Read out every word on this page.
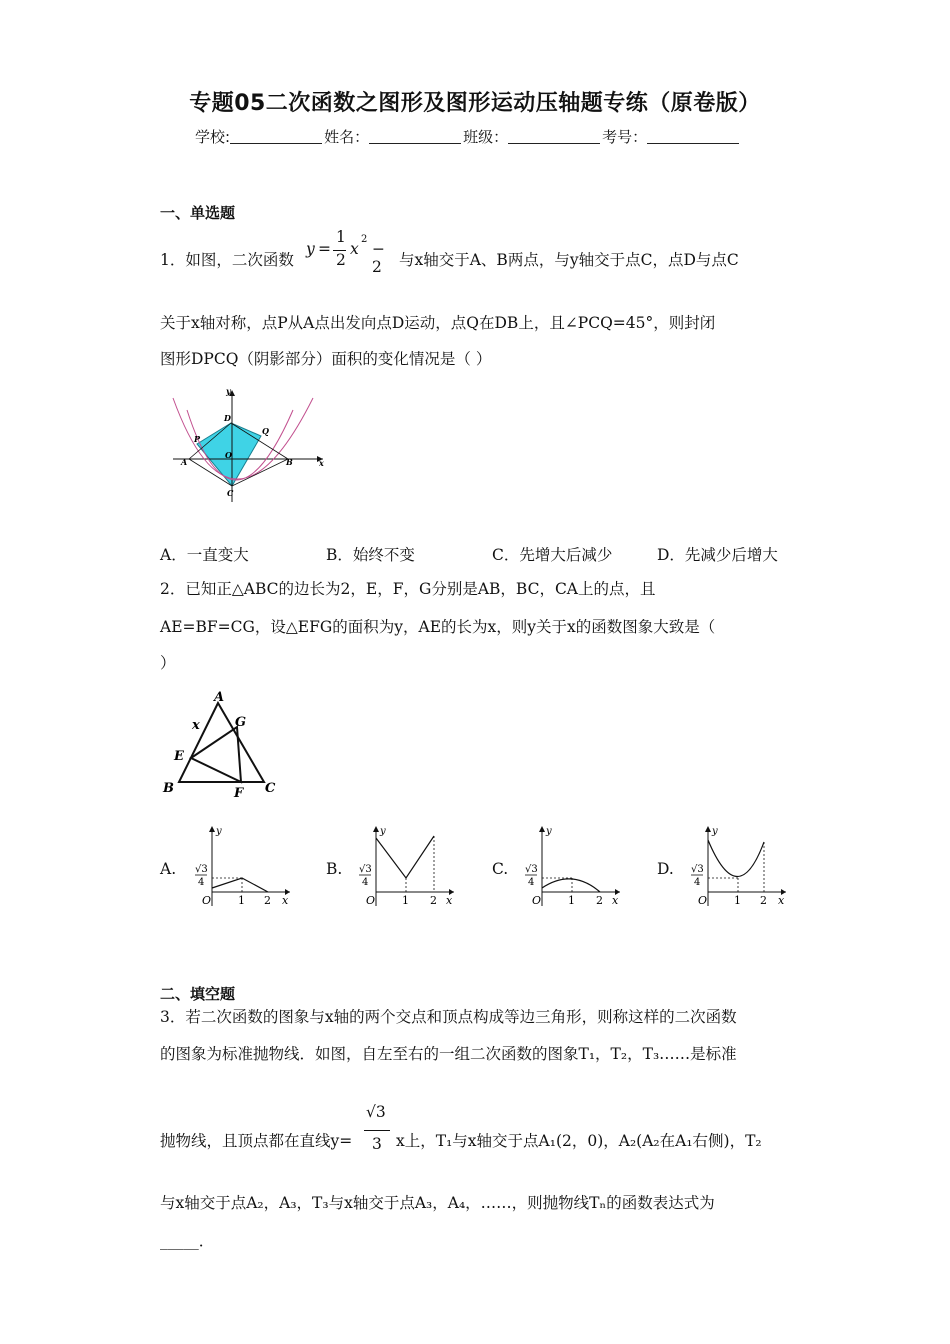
专题05二次函数之图形及图形运动压轴题专练（原卷版）
学校:	姓名：	班级：	考号：
一、单选题
1．如图，二次函数
y =
1
2
x
2
− 2	与x轴交于A、B两点，与y轴交于点C，点D与点C
关于x轴对称，点P从A点出发向点D运动，点Q在DB上，且∠PCQ=45°，则封闭
图形DPCQ（阴影部分）面积的变化情况是（ ）
y
x
D
Q
P
A
O
B
C
A．一直变大	B．始终不变	C．先增大后减少	D．先减少后增大
2．已知正△ABC的边长为2，E，F，G分别是AB，BC，CA上的点，且
AE=BF=CG，设△EFG的面积为y，AE的长为x，则y关于x的函数图象大致是（
）
A
B	C
E
F
G
x
A.	B.	C.	D.
√3
4
y
O 1 2 x
√3
4
y
O 1 2 x
√3
4
y
O 1 2 x
√3
4
y
O 1 2 x
二、填空题
3．若二次函数的图象与x轴的两个交点和顶点构成等边三角形，则称这样的二次函数
的图象为标准抛物线．如图，自左至右的一组二次函数的图象T₁，T₂，T₃……是标准
抛物线，且顶点都在直线y=
√3
3 x上，T₁与x轴交于点A₁(2，0)，A₂(A₂在A₁右侧)，T₂
与x轴交于点A₂，A₃，T₃与x轴交于点A₃，A₄，……，则抛物线Tₙ的函数表达式为
_____．
